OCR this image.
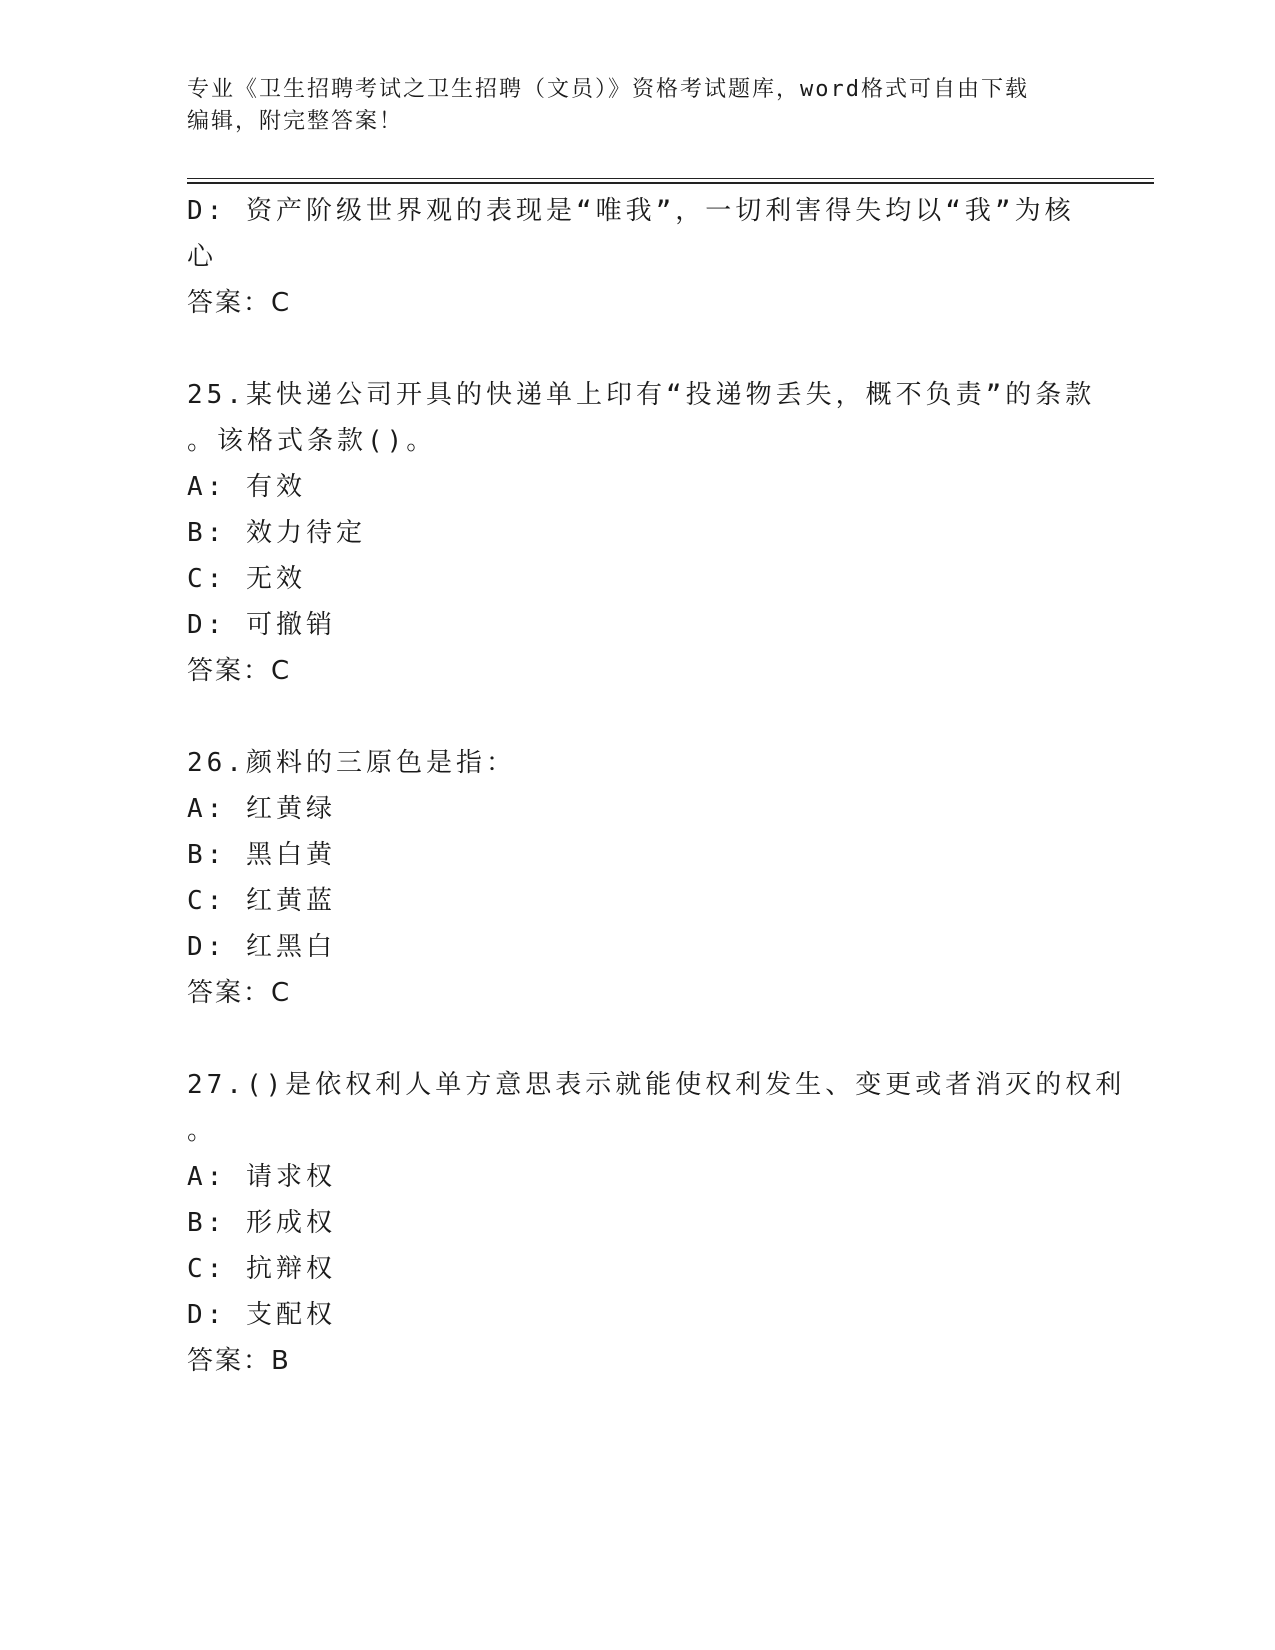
专业《卫生招聘考试之卫生招聘（文员）》资格考试题库，word格式可自由下载
编辑，附完整答案！
D: 资产阶级世界观的表现是“唯我”，一切利害得失均以“我”为核
心
答案：C
25.某快递公司开具的快递单上印有“投递物丢失，概不负责”的条款
。该格式条款()。
A: 有效
B: 效力待定
C: 无效
D: 可撤销
答案：C
26.颜料的三原色是指：
A: 红黄绿
B: 黑白黄
C: 红黄蓝
D: 红黑白
答案：C
27.()是依权利人单方意思表示就能使权利发生、变更或者消灭的权利
。
A: 请求权
B: 形成权
C: 抗辩权
D: 支配权
答案：B
